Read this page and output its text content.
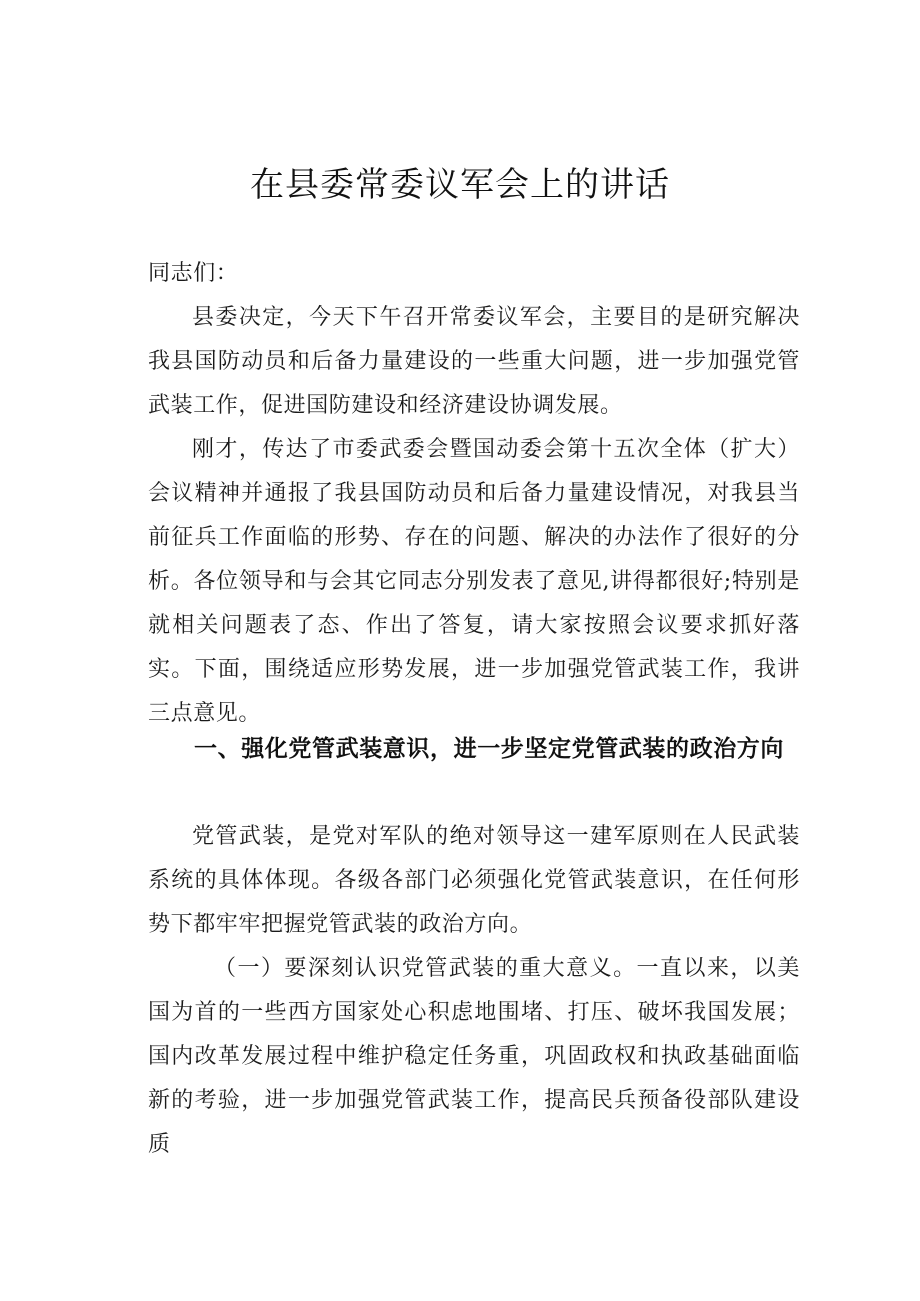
在县委常委议军会上的讲话
同志们：
县委决定，今天下午召开常委议军会，主要目的是研究解决我县国防动员和后备力量建设的一些重大问题，进一步加强党管武装工作，促进国防建设和经济建设协调发展。
刚才，传达了市委武委会暨国动委会第十五次全体（扩大）会议精神并通报了我县国防动员和后备力量建设情况，对我县当前征兵工作面临的形势、存在的问题、解决的办法作了很好的分析。各位领导和与会其它同志分别发表了意见,讲得都很好;特别是就相关问题表了态、作出了答复，请大家按照会议要求抓好落实。下面，围绕适应形势发展，进一步加强党管武装工作，我讲三点意见。
一、强化党管武装意识，进一步坚定党管武装的政治方向
党管武装，是党对军队的绝对领导这一建军原则在人民武装系统的具体体现。各级各部门必须强化党管武装意识，在任何形势下都牢牢把握党管武装的政治方向。
（一）要深刻认识党管武装的重大意义。一直以来，以美国为首的一些西方国家处心积虑地围堵、打压、破坏我国发展；国内改革发展过程中维护稳定任务重，巩固政权和执政基础面临新的考验，进一步加强党管武装工作，提高民兵预备役部队建设质
